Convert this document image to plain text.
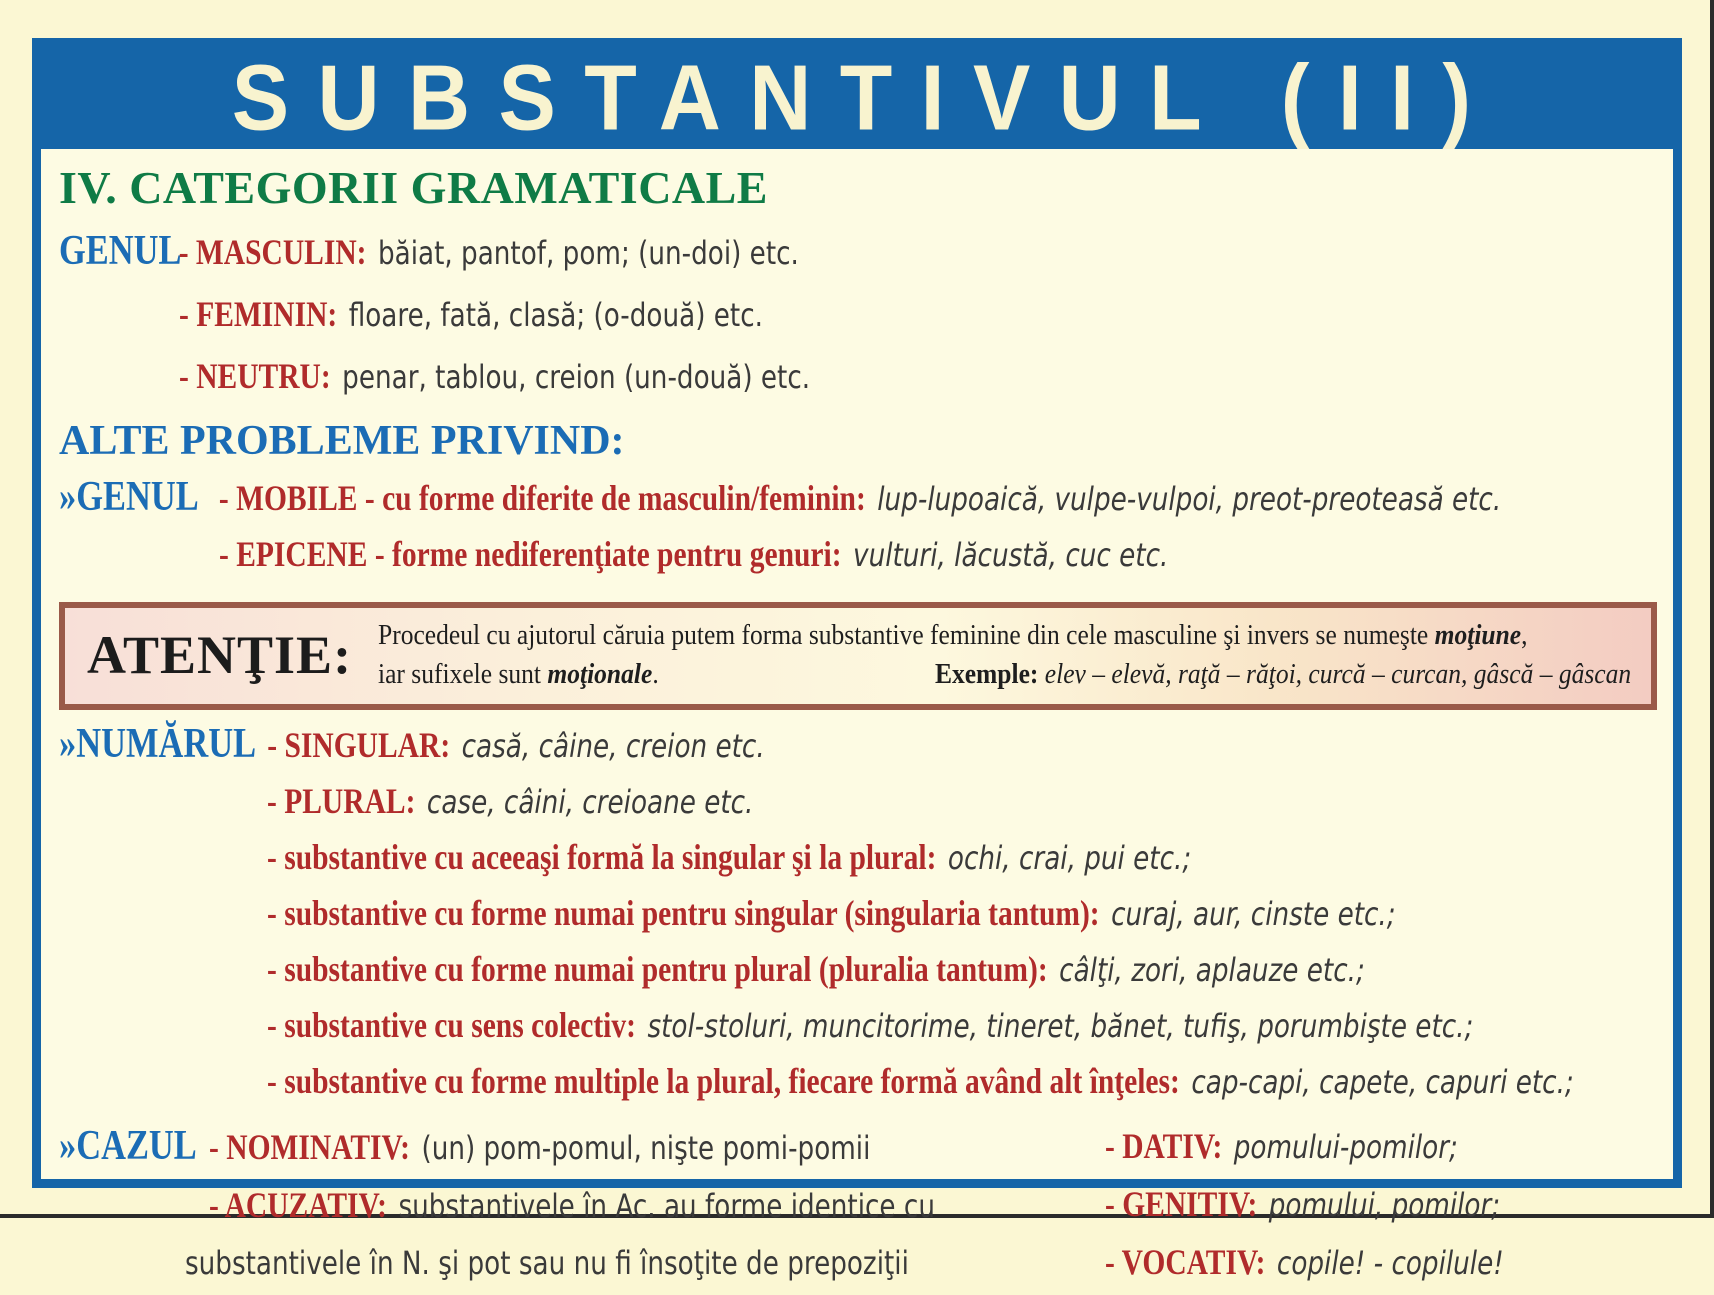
SUBSTANTIVUL (II)
IV. CATEGORII GRAMATICALE
GENUL
- MASCULIN: băiat, pantof, pom; (un-doi) etc.
- FEMININ: floare, fată, clasă; (o-două) etc.
- NEUTRU: penar, tablou, creion (un-două) etc.
ALTE PROBLEME PRIVIND:
»GENUL - MOBILE - cu forme diferite de masculin/feminin: lup-lupoaică, vulpe-vulpoi, preot-preoteasă etc.
- EPICENE - forme nediferenţiate pentru genuri: vulturi, lăcustă, cuc etc.
ATENŢIE: Procedeul cu ajutorul căruia putem forma substantive feminine din cele masculine şi invers se numeşte moţiune,
iar sufixele sunt moţionale.	Exemple: elev – elevă, raţă – răţoi, curcă – curcan, gâscă – gâscan
»NUMĂRUL - SINGULAR: casă, câine, creion etc.
- PLURAL: case, câini, creioane etc.
- substantive cu aceeaşi formă la singular şi la plural: ochi, crai, pui etc.;
- substantive cu forme numai pentru singular (singularia tantum): curaj, aur, cinste etc.;
- substantive cu forme numai pentru plural (pluralia tantum): câlţi, zori, aplauze etc.;
- substantive cu sens colectiv: stol-stoluri, muncitorime, tineret, bănet, tufiş, porumbişte etc.;
- substantive cu forme multiple la plural, fiecare formă având alt înţeles: cap-capi, capete, capuri etc.;
»CAZUL - NOMINATIV: (un) pom-pomul, nişte pomi-pomii
- ACUZATIV: substantivele în Ac. au forme identice cu
substantivele în N. şi pot sau nu fi însoţite de prepoziţii
- DATIV: pomului-pomilor;
- GENITIV: pomului, pomilor;
- VOCATIV: copile! - copilule!
